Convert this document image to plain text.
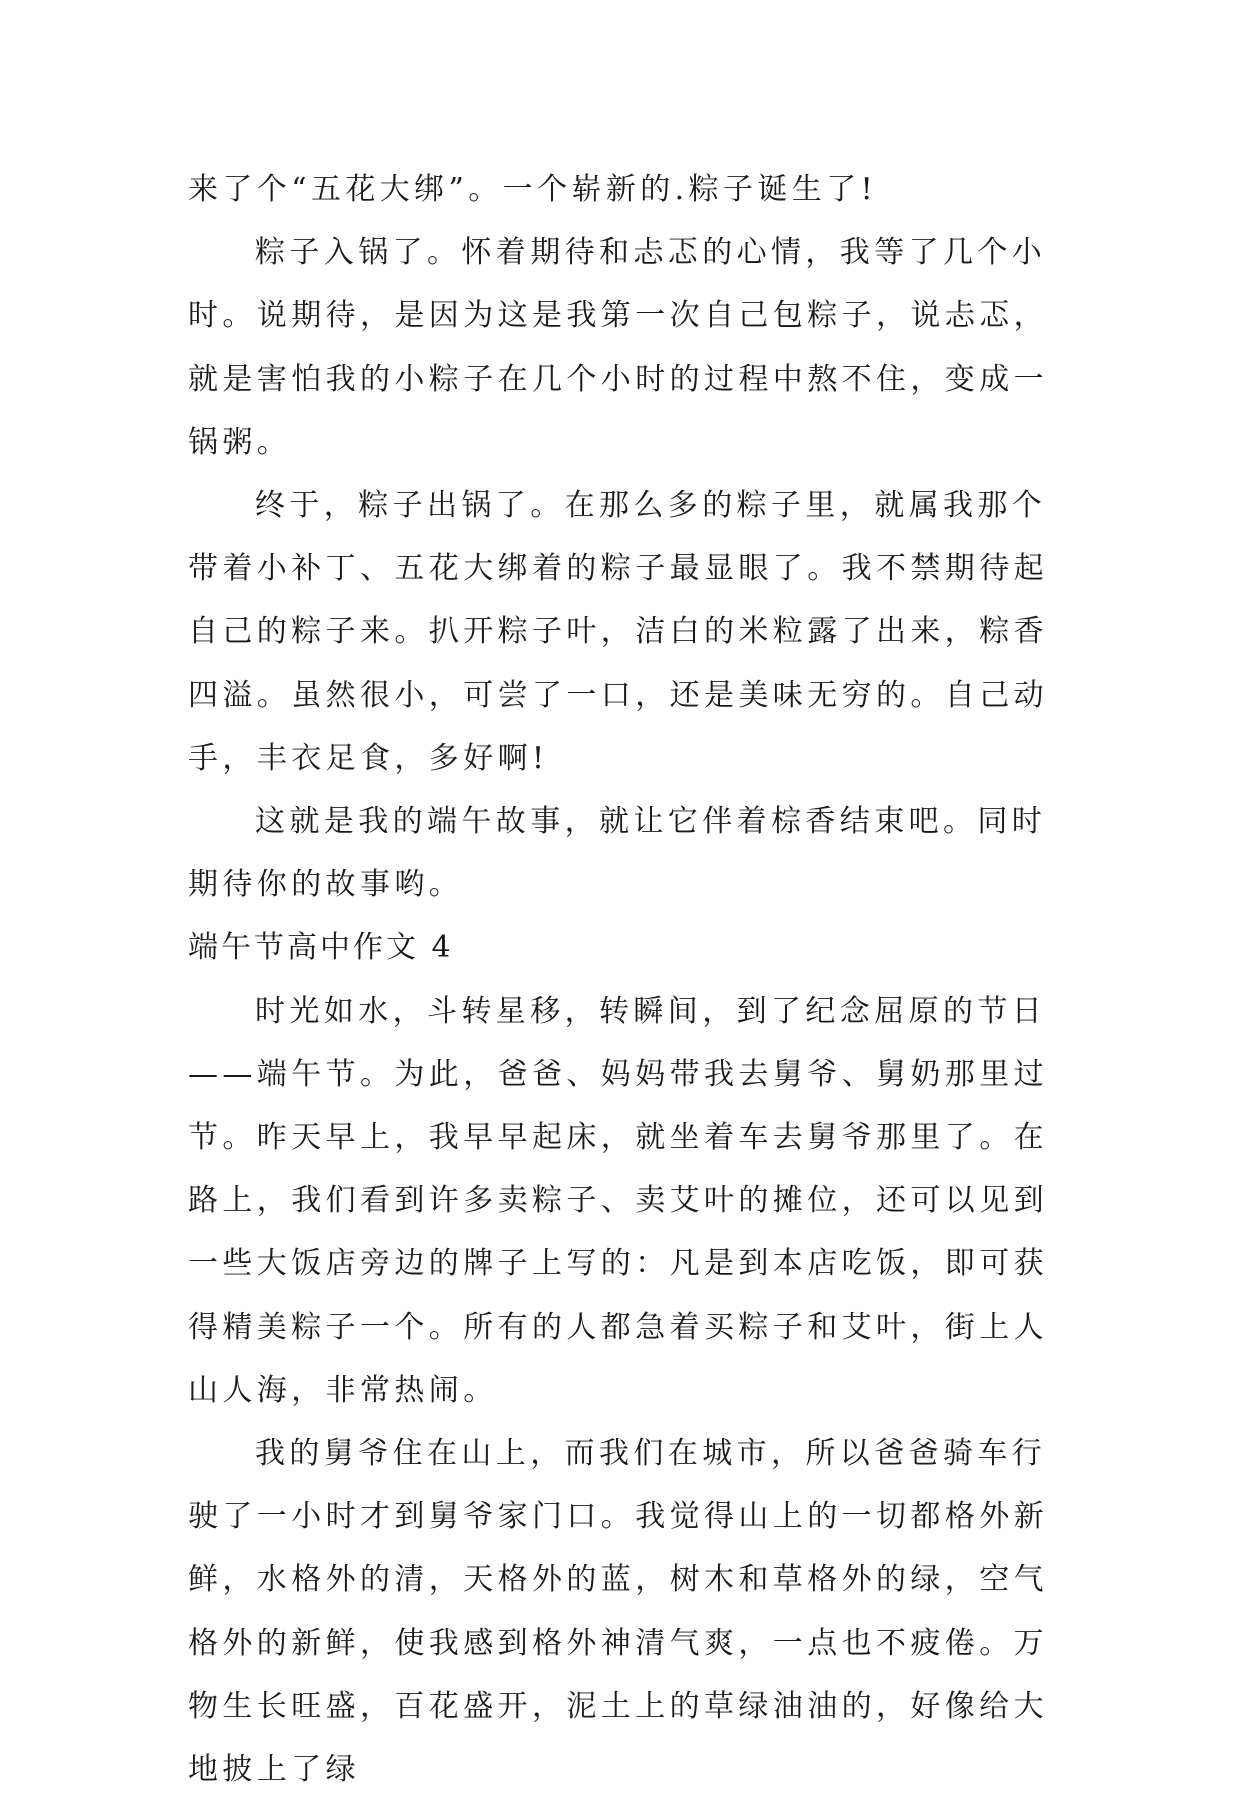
来了个“五花大绑”。一个崭新的.粽子诞生了!

粽子入锅了。怀着期待和忐忑的心情，我等了几个小时。说期待，是因为这是我第一次自己包粽子，说忐忑，就是害怕我的小粽子在几个小时的过程中熬不住，变成一锅粥。

终于，粽子出锅了。在那么多的粽子里，就属我那个带着小补丁、五花大绑着的粽子最显眼了。我不禁期待起自己的粽子来。扒开粽子叶，洁白的米粒露了出来，粽香四溢。虽然很小，可尝了一口，还是美味无穷的。自己动手，丰衣足食，多好啊!

这就是我的端午故事，就让它伴着棕香结束吧。同时期待你的故事哟。

端午节高中作文 4

时光如水，斗转星移，转瞬间，到了纪念屈原的节日——端午节。为此，爸爸、妈妈带我去舅爷、舅奶那里过节。昨天早上，我早早起床，就坐着车去舅爷那里了。在路上，我们看到许多卖粽子、卖艾叶的摊位，还可以见到一些大饭店旁边的牌子上写的：凡是到本店吃饭，即可获得精美粽子一个。所有的人都急着买粽子和艾叶，街上人山人海，非常热闹。

我的舅爷住在山上，而我们在城市，所以爸爸骑车行驶了一小时才到舅爷家门口。我觉得山上的一切都格外新鲜，水格外的清，天格外的蓝，树木和草格外的绿，空气格外的新鲜，使我感到格外神清气爽，一点也不疲倦。万物生长旺盛，百花盛开，泥土上的草绿油油的，好像给大地披上了绿
